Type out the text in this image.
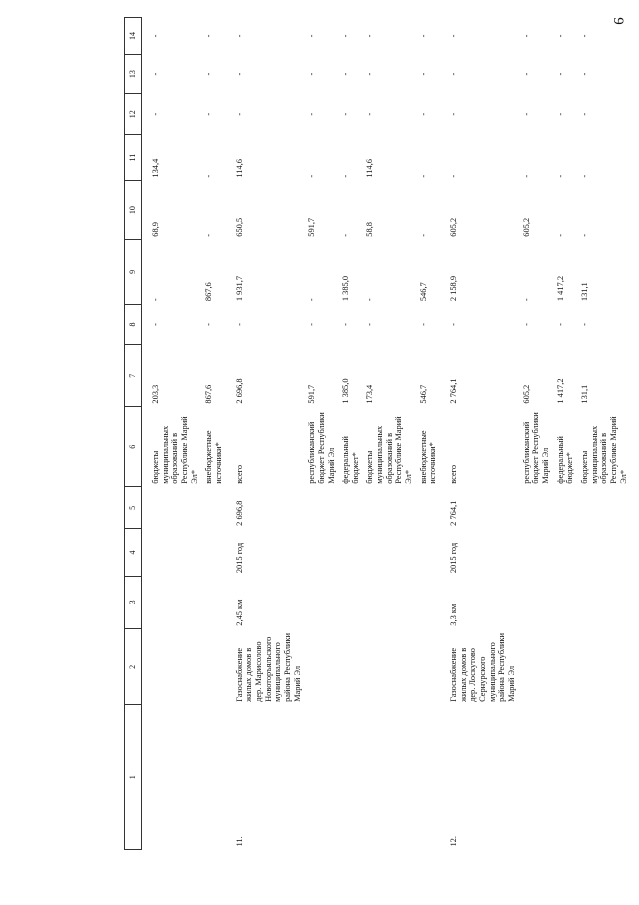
9
1	2	3	4	5	6	7	8	9	10	11	12	13	14

					бюджеты муниципальных образований в Республике Марий Эл*	203,3	-	-	68,9	134,4	-	-	-
					внебюджетные источники*	867,6	-	867,6	-	-	-	-	-

11.	Газоснабжение жилых домов в дер. Марисолово Новоторъяльского муниципального района Республики Марий Эл	2,45 км	2015 год	2 696,8	всего	2 696,8	-	1 931,7	650,5	114,6	-	-	-
					республиканский бюджет Республики Марий Эл	591,7	-	-	591,7	-	-	-	-
					федеральный бюджет*	1 385,0	-	1 385,0	-	-	-	-	-
					бюджеты муниципальных образований в Республике Марий Эл*	173,4	-	-	58,8	114,6	-	-	-
					внебюджетные источники*	546,7	-	546,7	-	-	-	-	-

12.	Газоснабжение жилых домов в дер. Лоскутово Сернурского муниципального района Республики Марий Эл	3,3 км	2015 год	2 764,1	всего	2 764,1	-	2 158,9	605,2	-	-	-	-
					республиканский бюджет Республики Марий Эл	605,2	-	-	605,2	-	-	-	-
					федеральный бюджет*	1 417,2	-	1 417,2	-	-	-	-	-
					бюджеты муниципальных образований в Республике Марий Эл*	131,1	-	131,1	-	-	-	-	-
